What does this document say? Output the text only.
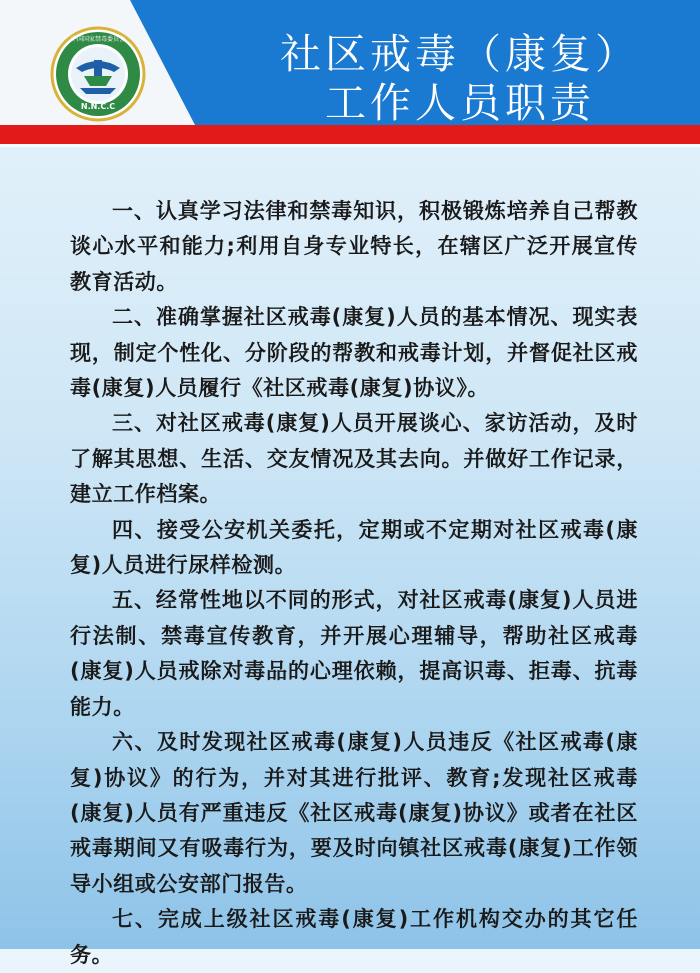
N.N.C.C
中国国家禁毒委员会	社区戒毒（康复）
工作人员职责

一、认真学习法律和禁毒知识，积极锻炼培养自己帮教谈心水平和能力;利用自身专业特长，在辖区广泛开展宣传 教育活动。

二、准确掌握社区戒毒(康复)人员的基本情况、现实表现，制定个性化、分阶段的帮教和戒毒计划，并督促社区戒毒(康复)人员履行《社区戒毒(康复)协议》。

三、对社区戒毒(康复)人员开展谈心、家访活动，及时了解其思想、生活、交友情况及其去向。并做好工作记录，建立工作档案。

四、接受公安机关委托，定期或不定期对社区戒毒(康复)人员进行尿样检测。

五、经常性地以不同的形式，对社区戒毒(康复)人员进行法制、禁毒宣传教育，并开展心理辅导，帮助社区戒毒(康复)人员戒除对毒品的心理依赖，提高识毒、拒毒、抗毒能力。

六、及时发现社区戒毒(康复)人员违反《社区戒毒(康复)协议》的行为，并对其进行批评、教育;发现社区戒毒(康复)人员有严重违反《社区戒毒(康复)协议》或者在社区戒毒期间又有吸毒行为，要及时向镇社区戒毒(康复)工作领导小组或公安部门报告。

七、完成上级社区戒毒(康复)工作机构交办的其它任务。
